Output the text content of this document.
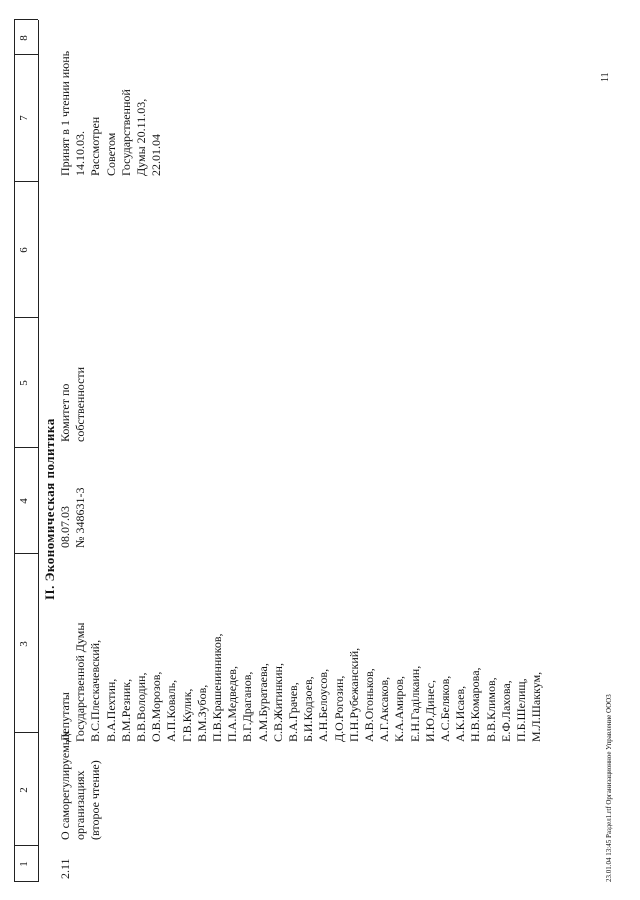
1
2
3
4
5
6
7
8
II. Экономическая политика
2.11
О саморегулируемых организациях (второе чтение)
Депутаты Государственной Думы В.С.Плескачевский, В.А.Пехтин, В.М.Резник, В.В.Володин, О.В.Морозов, А.П.Коваль, Г.В.Кулик, В.М.Зубов, П.В.Крашенинников, П.А.Медведев, В.Г.Драганов, А.М.Буратаева, С.В.Житинкин, В.А.Грачев, Б.И.Кодзоев, А.Н.Белоусов, Д.О.Рогозин, П.Н.Рубежанский, А.В.Огоньков, А.Г.Аксаков, К.А.Амиров, Е.Н.Гаділкаин, И.Ю.Динес, А.С.Беляков, А.К.Исаев, Н.В.Комарова, В.В.Климов, Е.Ф.Лахова, П.Б.Шелищ, М.Л.Шаккум,
08.07.03 № 348631-3
Комитет по собственности
Принят в 1 чтении июнь 14.10.03. Рассмотрен Советом Государственной Думы 20.11.03, 22.01.04
23.01.04 13:45 Раздел1.rtf Организационное Управление ООО3
11
